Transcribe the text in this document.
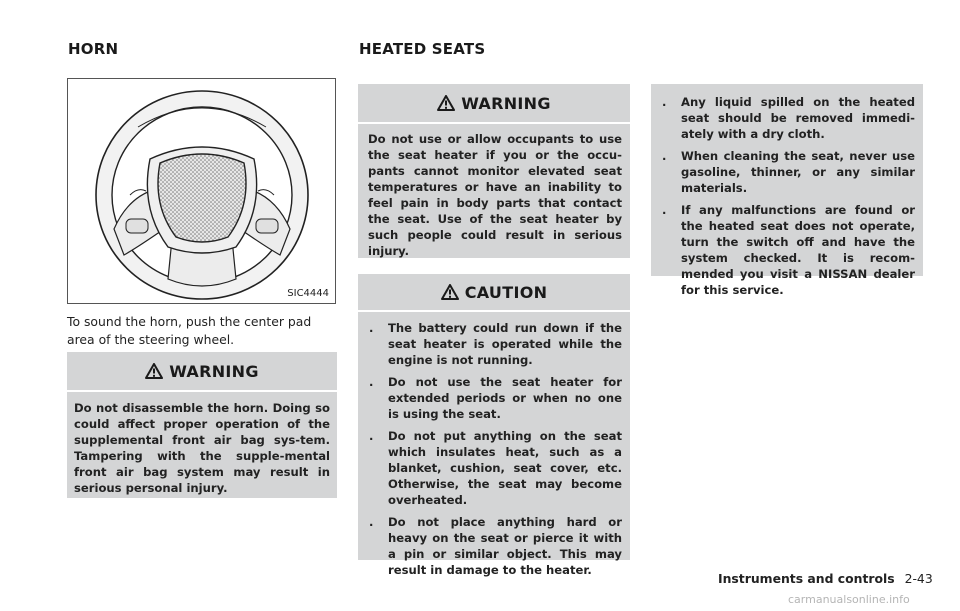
HORN	HEATED SEATS
SIC4444
To sound the horn, push the center pad area of the steering wheel.
WARNING

Do not disassemble the horn. Doing so could affect proper operation of the supplemental front air bag sys-tem. Tampering with the supple-mental front air bag system may result in serious personal injury.

WARNING

Do not use or allow occupants to use the seat heater if you or the occu-pants cannot monitor elevated seat temperatures or have an inability to feel pain in body parts that contact the seat. Use of the seat heater by such people could result in serious injury.

CAUTION
. The battery could run down if the seat heater is operated while the engine is not running.
. Do not use the seat heater for extended periods or when no one is using the seat.
. Do not put anything on the seat which insulates heat, such as a blanket, cushion, seat cover, etc. Otherwise, the seat may become overheated.
. Do not place anything hard or heavy on the seat or pierce it with a pin or similar object. This may result in damage to the heater.
. Any liquid spilled on the heated seat should be removed immedi-ately with a dry cloth.
. When cleaning the seat, never use gasoline, thinner, or any similar materials.
. If any malfunctions are found or the heated seat does not operate, turn the switch off and have the system checked. It is recom-mended you visit a NISSAN dealer for this service.
Instruments and controls 2-43
carmanualsonline.info
